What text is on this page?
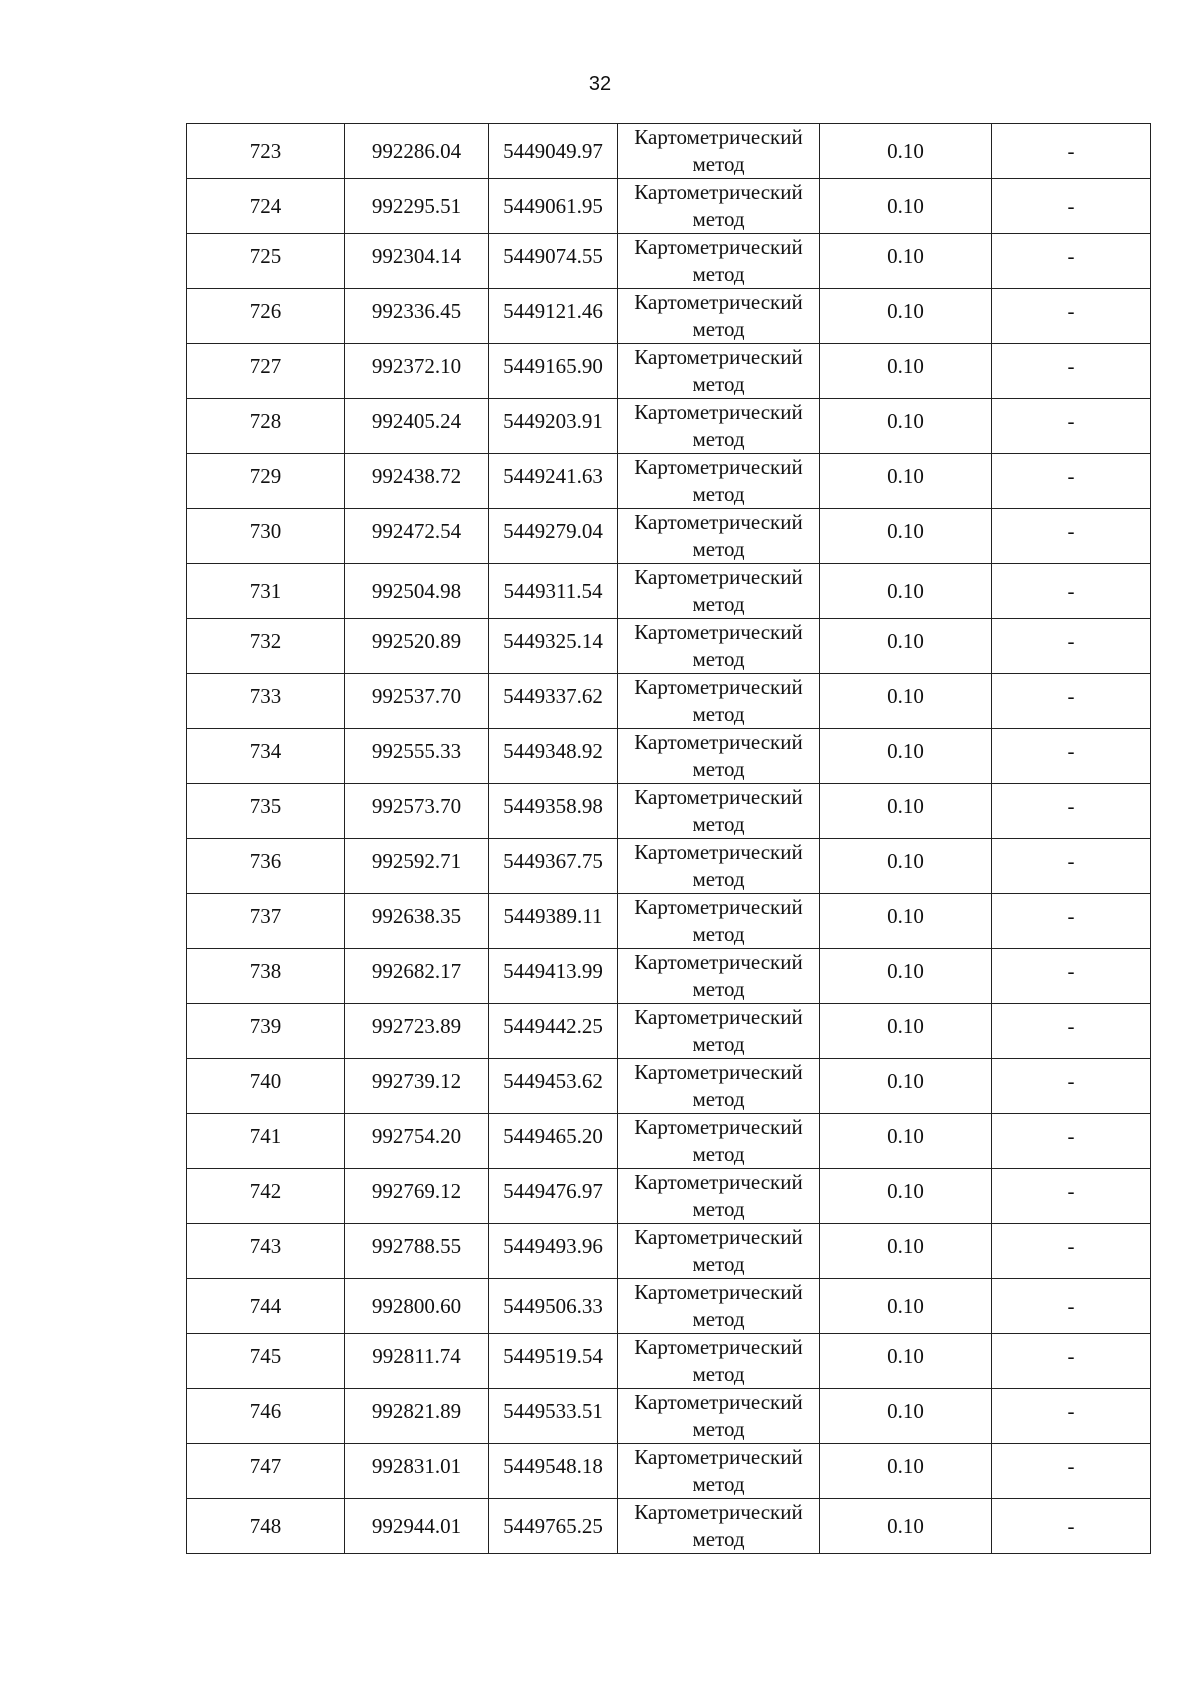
32
723	992286.04	5449049.97	Картометрический метод	0.10	-
724	992295.51	5449061.95	Картометрический метод	0.10	-
725	992304.14	5449074.55	Картометрический метод	0.10	-
726	992336.45	5449121.46	Картометрический метод	0.10	-
727	992372.10	5449165.90	Картометрический метод	0.10	-
728	992405.24	5449203.91	Картометрический метод	0.10	-
729	992438.72	5449241.63	Картометрический метод	0.10	-
730	992472.54	5449279.04	Картометрический метод	0.10	-
731	992504.98	5449311.54	Картометрический метод	0.10	-
732	992520.89	5449325.14	Картометрический метод	0.10	-
733	992537.70	5449337.62	Картометрический метод	0.10	-
734	992555.33	5449348.92	Картометрический метод	0.10	-
735	992573.70	5449358.98	Картометрический метод	0.10	-
736	992592.71	5449367.75	Картометрический метод	0.10	-
737	992638.35	5449389.11	Картометрический метод	0.10	-
738	992682.17	5449413.99	Картометрический метод	0.10	-
739	992723.89	5449442.25	Картометрический метод	0.10	-
740	992739.12	5449453.62	Картометрический метод	0.10	-
741	992754.20	5449465.20	Картометрический метод	0.10	-
742	992769.12	5449476.97	Картометрический метод	0.10	-
743	992788.55	5449493.96	Картометрический метод	0.10	-
744	992800.60	5449506.33	Картометрический метод	0.10	-
745	992811.74	5449519.54	Картометрический метод	0.10	-
746	992821.89	5449533.51	Картометрический метод	0.10	-
747	992831.01	5449548.18	Картометрический метод	0.10	-
748	992944.01	5449765.25	Картометрический метод	0.10	-
